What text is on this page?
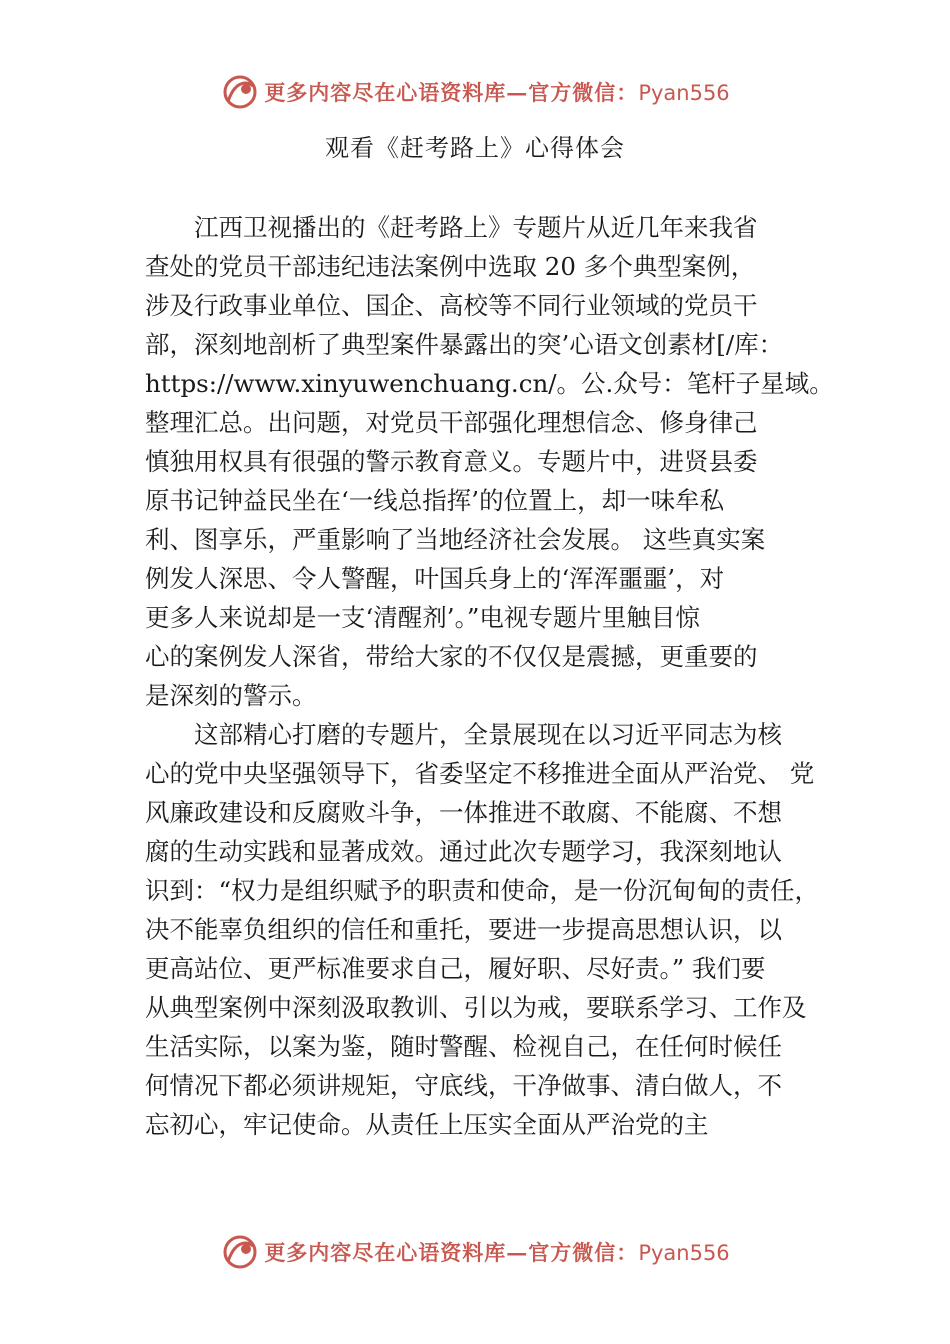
更多内容尽在心语资料库—官方微信：Pyan556
观看《赶考路上》心得体会
江西卫视播出的《赶考路上》专题片从近几年来我省
查处的党员干部违纪违法案例中选取 20 多个典型案例，
涉及行政事业单位、国企、高校等不同行业领域的党员干
部，深刻地剖析了典型案件暴露出的突’心语文创素材[/库：
https://www.xinyuwenchuang.cn/。公.众号：笔杆子星域。
整理汇总。出问题，对党员干部强化理想信念、修身律己
慎独用权具有很强的警示教育意义。专题片中，进贤县委
原书记钟益民坐在‘一线总指挥’的位置上，却一味牟私
利、图享乐，严重影响了当地经济社会发展。 这些真实案
例发人深思、令人警醒，叶国兵身上的‘浑浑噩噩’，对
更多人来说却是一支‘清醒剂’。”电视专题片里触目惊
心的案例发人深省，带给大家的不仅仅是震撼，更重要的
是深刻的警示。
这部精心打磨的专题片，全景展现在以习近平同志为核
心的党中央坚强领导下，省委坚定不移推进全面从严治党、 党
风廉政建设和反腐败斗争，一体推进不敢腐、不能腐、不想
腐的生动实践和显著成效。通过此次专题学习，我深刻地认
识到：“权力是组织赋予的职责和使命，是一份沉甸甸的责任，
决不能辜负组织的信任和重托，要进一步提高思想认识，以
更高站位、更严标准要求自己，履好职、尽好责。” 我们要
从典型案例中深刻汲取教训、引以为戒，要联系学习、工作及
生活实际，以案为鉴，随时警醒、检视自己，在任何时候任
何情况下都必须讲规矩，守底线，干净做事、清白做人，不
忘初心，牢记使命。从责任上压实全面从严治党的主
更多内容尽在心语资料库—官方微信：Pyan556
